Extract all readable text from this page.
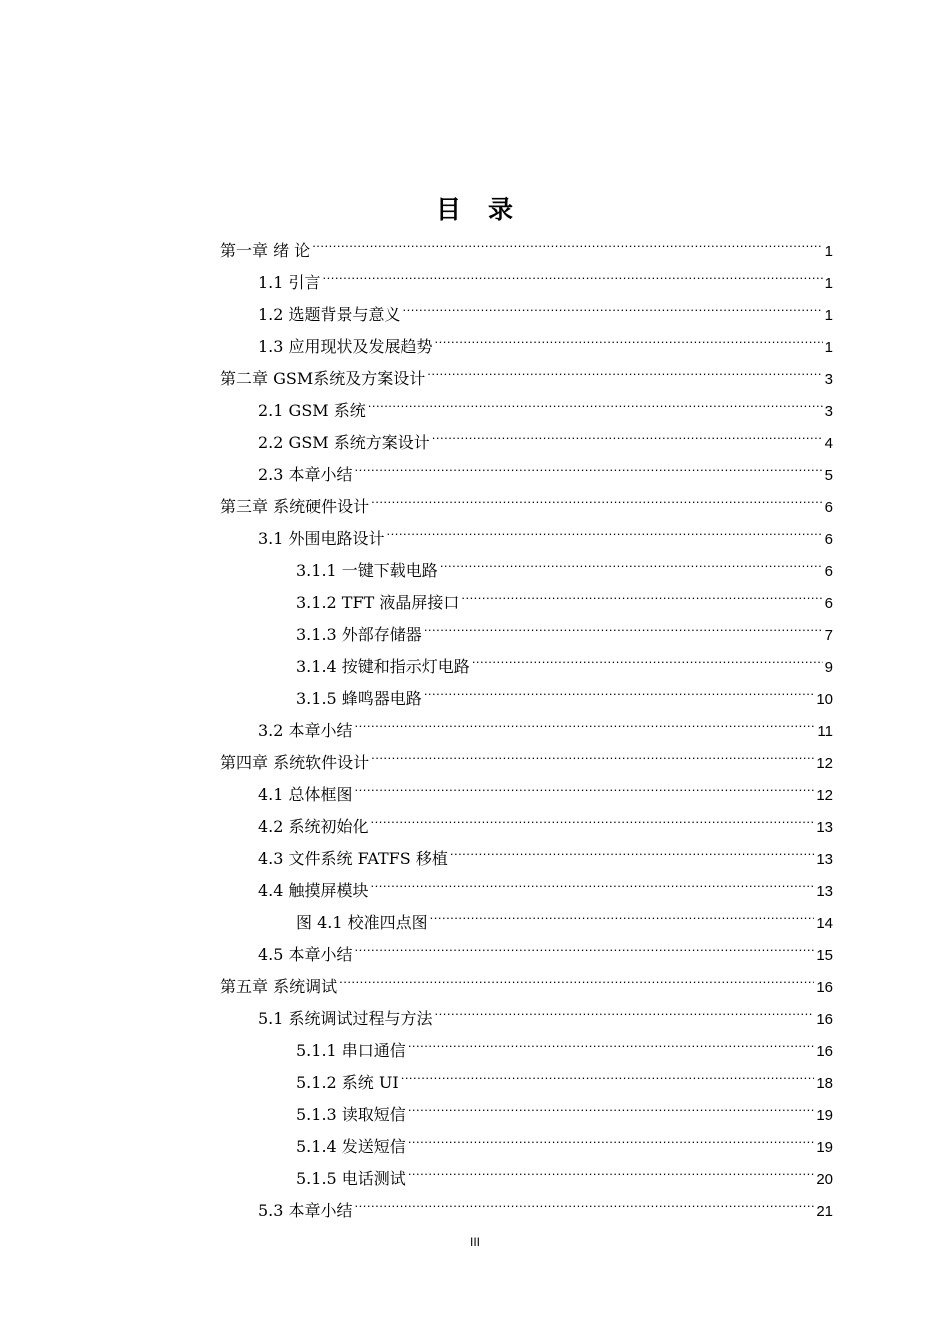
目　录
第一章 绪 论 .....	1
1.1 引言 .....	1
1.2 选题背景与意义 .....	1
1.3 应用现状及发展趋势 .....	1
第二章 GSM系统及方案设计 .....	3
2.1 GSM 系统 .....	3
2.2 GSM 系统方案设计 .....	4
2.3 本章小结 .....	5
第三章 系统硬件设计 .....	6
3.1 外围电路设计 .....	6
3.1.1 一键下载电路 .....	6
3.1.2 TFT 液晶屏接口 .....	6
3.1.3 外部存储器 .....	7
3.1.4 按键和指示灯电路 .....	9
3.1.5 蜂鸣器电路 .....	10
3.2 本章小结 .....	11
第四章 系统软件设计 .....	12
4.1 总体框图 .....	12
4.2 系统初始化 .....	13
4.3 文件系统 FATFS 移植 .....	13
4.4 触摸屏模块 .....	13
图 4.1 校准四点图 .....	14
4.5 本章小结 .....	15
第五章 系统调试 .....	16
5.1 系统调试过程与方法 .....	16
5.1.1 串口通信 .....	16
5.1.2 系统 UI .....	18
5.1.3 读取短信 .....	19
5.1.4 发送短信 .....	19
5.1.5 电话测试 .....	20
5.3 本章小结 .....	21
III
